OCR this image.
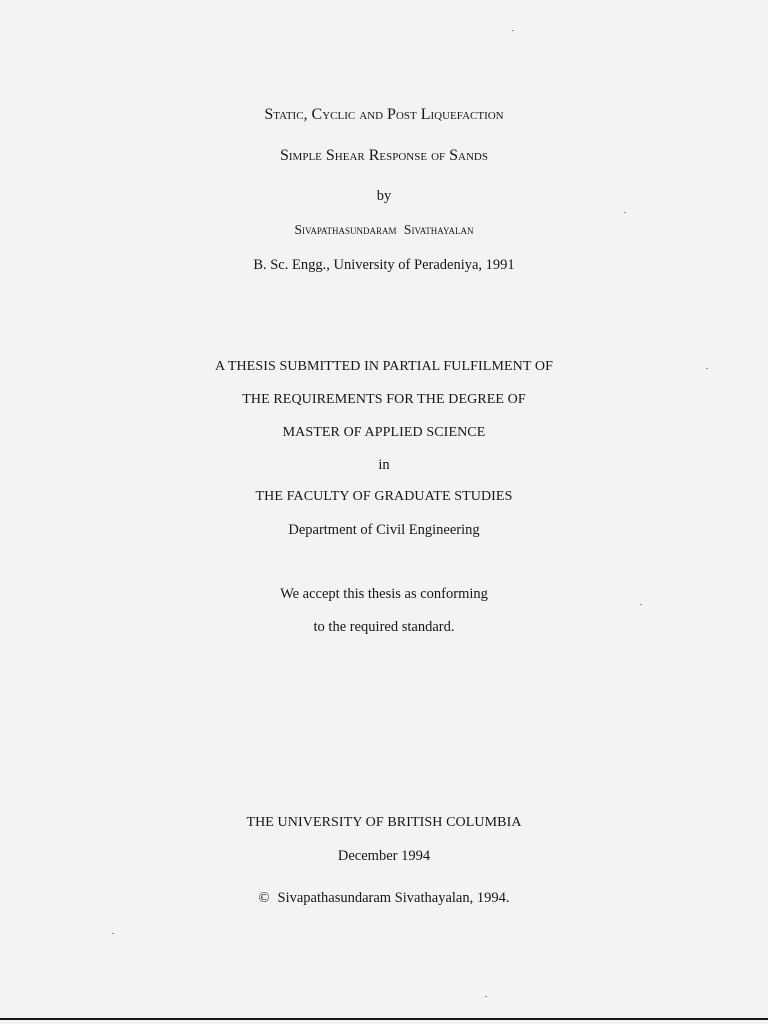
Static, Cyclic and Post Liquefaction
Simple Shear Response of Sands
by
Sivapathasundaram Sivathayalan
B. Sc. Engg., University of Peradeniya, 1991
A THESIS SUBMITTED IN PARTIAL FULFILMENT OF
THE REQUIREMENTS FOR THE DEGREE OF
MASTER OF APPLIED SCIENCE
in
THE FACULTY OF GRADUATE STUDIES
Department of Civil Engineering
We accept this thesis as conforming
to the required standard.
THE UNIVERSITY OF BRITISH COLUMBIA
December 1994
© Sivapathasundaram Sivathayalan, 1994.
